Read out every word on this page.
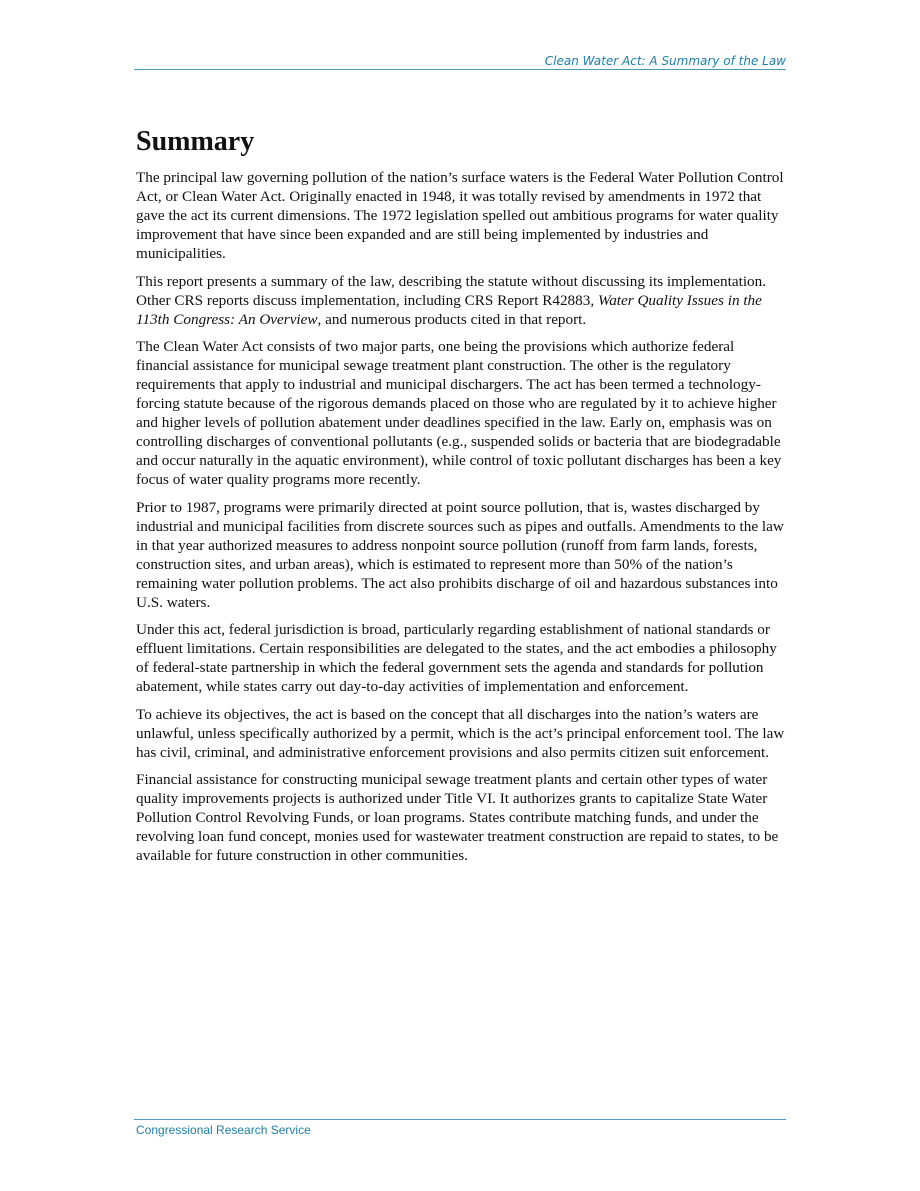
Clean Water Act: A Summary of the Law
Summary

The principal law governing pollution of the nation’s surface waters is the Federal Water Pollution Control Act, or Clean Water Act. Originally enacted in 1948, it was totally revised by amendments in 1972 that gave the act its current dimensions. The 1972 legislation spelled out ambitious programs for water quality improvement that have since been expanded and are still being implemented by industries and municipalities.

This report presents a summary of the law, describing the statute without discussing its implementation. Other CRS reports discuss implementation, including CRS Report R42883, Water Quality Issues in the 113th Congress: An Overview, and numerous products cited in that report.

The Clean Water Act consists of two major parts, one being the provisions which authorize federal financial assistance for municipal sewage treatment plant construction. The other is the regulatory requirements that apply to industrial and municipal dischargers. The act has been termed a technology-forcing statute because of the rigorous demands placed on those who are regulated by it to achieve higher and higher levels of pollution abatement under deadlines specified in the law. Early on, emphasis was on controlling discharges of conventional pollutants (e.g., suspended solids or bacteria that are biodegradable and occur naturally in the aquatic environment), while control of toxic pollutant discharges has been a key focus of water quality programs more recently.

Prior to 1987, programs were primarily directed at point source pollution, that is, wastes discharged by industrial and municipal facilities from discrete sources such as pipes and outfalls. Amendments to the law in that year authorized measures to address nonpoint source pollution (runoff from farm lands, forests, construction sites, and urban areas), which is estimated to represent more than 50% of the nation’s remaining water pollution problems. The act also prohibits discharge of oil and hazardous substances into U.S. waters.

Under this act, federal jurisdiction is broad, particularly regarding establishment of national standards or effluent limitations. Certain responsibilities are delegated to the states, and the act embodies a philosophy of federal-state partnership in which the federal government sets the agenda and standards for pollution abatement, while states carry out day-to-day activities of implementation and enforcement.

To achieve its objectives, the act is based on the concept that all discharges into the nation’s waters are unlawful, unless specifically authorized by a permit, which is the act’s principal enforcement tool. The law has civil, criminal, and administrative enforcement provisions and also permits citizen suit enforcement.

Financial assistance for constructing municipal sewage treatment plants and certain other types of water quality improvements projects is authorized under Title VI. It authorizes grants to capitalize State Water Pollution Control Revolving Funds, or loan programs. States contribute matching funds, and under the revolving loan fund concept, monies used for wastewater treatment construction are repaid to states, to be available for future construction in other communities.

Congressional Research Service
